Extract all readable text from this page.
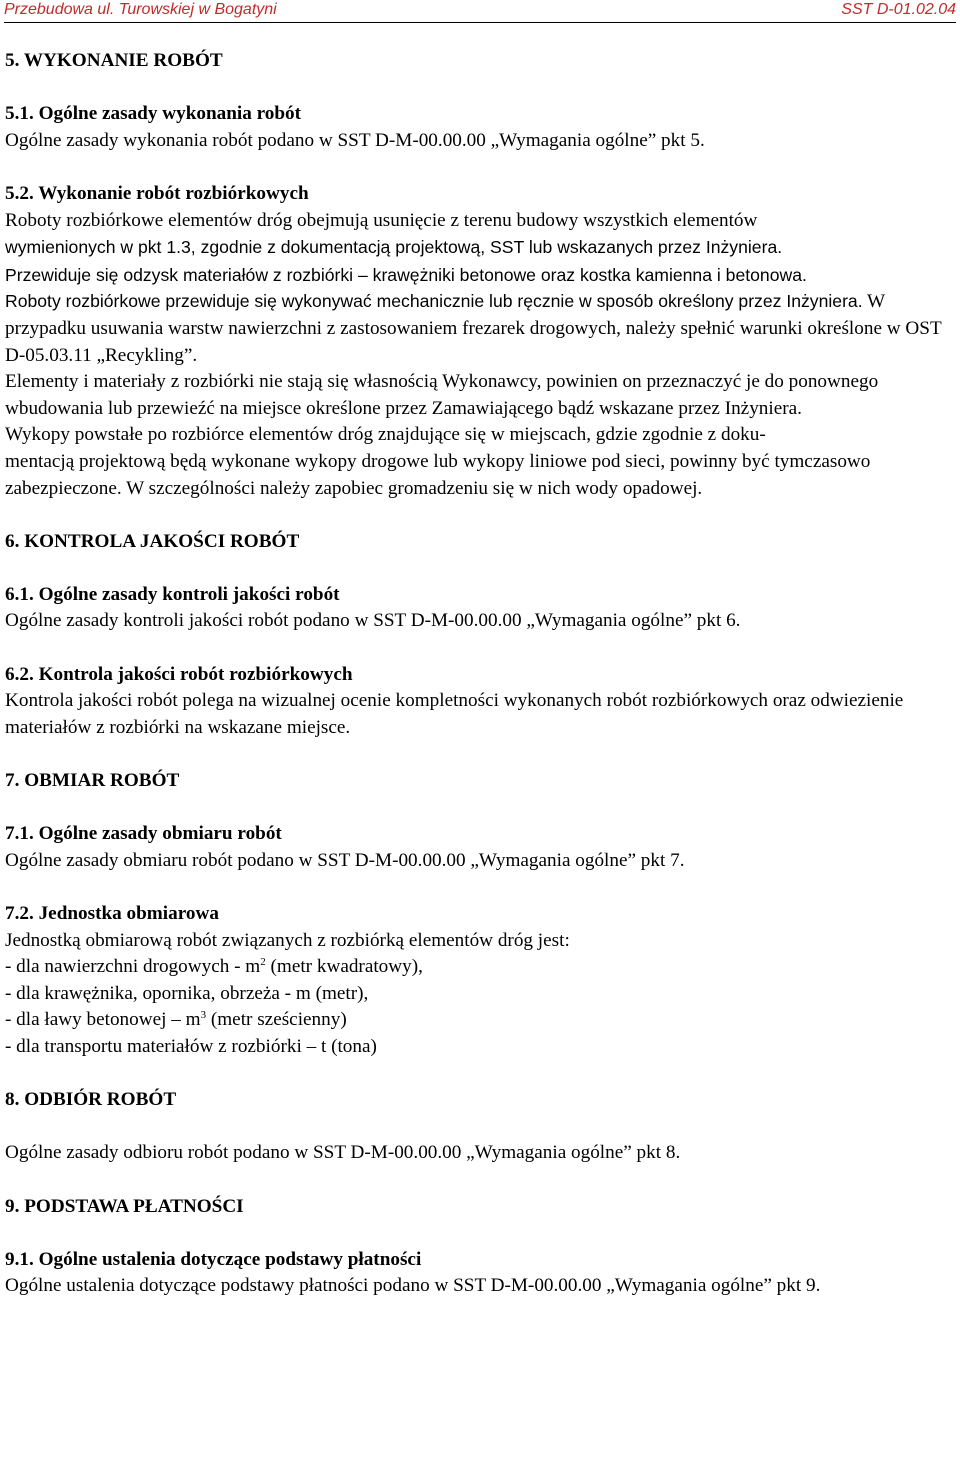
Przebudowa ul. Turowskiej w Bogatyni	SST D-01.02.04

5. WYKONANIE ROBÓT

5.1. Ogólne zasady wykonania robót

Ogólne zasady wykonania robót podano w SST D-M-00.00.00 „Wymagania ogólne” pkt 5.

5.2. Wykonanie robót rozbiórkowych

Roboty rozbiórkowe elementów dróg obejmują usunięcie z terenu budowy wszystkich elementów
wymienionych w pkt 1.3, zgodnie z dokumentacją projektową, SST lub wskazanych przez Inżyniera.

Przewiduje się odzysk materiałów z rozbiórki – krawężniki betonowe oraz kostka kamienna i betonowa.

Roboty rozbiórkowe przewiduje się wykonywać mechanicznie lub ręcznie w sposób określony przez Inżyniera. W przypadku usuwania warstw nawierzchni z zastosowaniem frezarek drogowych, należy spełnić warunki określone w OST D-05.03.11 „Recykling”.

Elementy i materiały z rozbiórki nie stają się własnością Wykonawcy, powinien on przeznaczyć je do ponownego wbudowania lub przewieźć na miejsce określone przez Zamawiającego bądź wskazane przez Inżyniera.

Wykopy powstałe po rozbiórce elementów dróg znajdujące się w miejscach, gdzie zgodnie z doku-
mentacją projektową będą wykonane wykopy drogowe lub wykopy liniowe pod sieci, powinny być tymczasowo zabezpieczone. W szczególności należy zapobiec gromadzeniu się w nich wody opadowej.

6. KONTROLA JAKOŚCI ROBÓT

6.1. Ogólne zasady kontroli jakości robót

Ogólne zasady kontroli jakości robót podano w SST D-M-00.00.00 „Wymagania ogólne” pkt 6.

6.2. Kontrola jakości robót rozbiórkowych

Kontrola jakości robót polega na wizualnej ocenie kompletności wykonanych robót rozbiórkowych oraz odwiezienie materiałów z rozbiórki na wskazane miejsce.

7. OBMIAR ROBÓT

7.1. Ogólne zasady obmiaru robót

Ogólne zasady obmiaru robót podano w SST D-M-00.00.00 „Wymagania ogólne” pkt 7.

7.2. Jednostka obmiarowa

Jednostką obmiarową robót związanych z rozbiórką elementów dróg jest:

- dla nawierzchni drogowych - $m^2$ (metr kwadratowy),

- dla krawężnika, opornika, obrzeża - m (metr),

- dla ławy betonowej – $m^3$ (metr sześcienny)

- dla transportu materiałów z rozbiórki – t (tona)

8. ODBIÓR ROBÓT

Ogólne zasady odbioru robót podano w SST D-M-00.00.00 „Wymagania ogólne” pkt 8.

9. PODSTAWA PŁATNOŚCI

9.1. Ogólne ustalenia dotyczące podstawy płatności

Ogólne ustalenia dotyczące podstawy płatności podano w SST D-M-00.00.00 „Wymagania ogólne” pkt 9.
